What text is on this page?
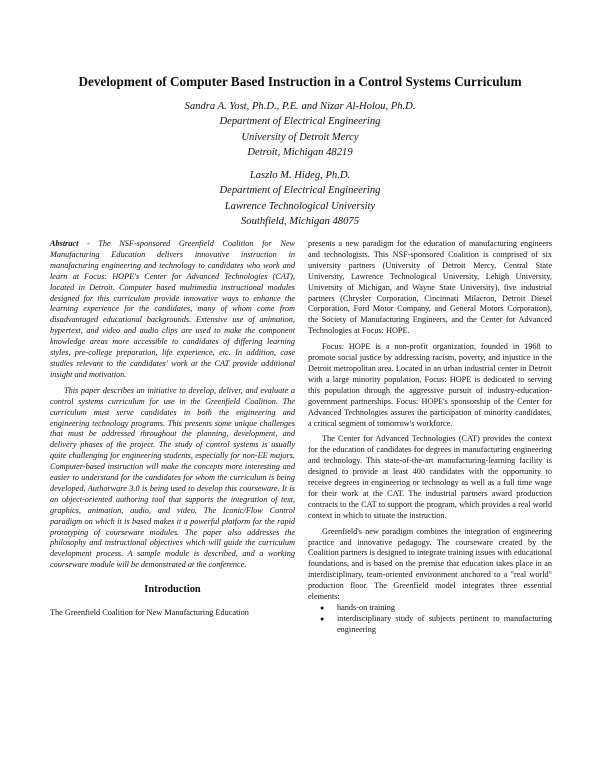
Development of Computer Based Instruction in a Control Systems Curriculum
Sandra A. Yost, Ph.D., P.E. and Nizar Al-Holou, Ph.D.
Department of Electrical Engineering
University of Detroit Mercy
Detroit, Michigan 48219
Laszlo M. Hideg, Ph.D.
Department of Electrical Engineering
Lawrence Technological University
Southfield, Michigan 48075

Abstract - The NSF-sponsored Greenfield Coalition for New Manufacturing Education delivers innovative instruction in manufacturing engineering and technology to candidates who work and learn at Focus: HOPE's Center for Advanced Technologies (CAT), located in Detroit. Computer based multimedia instructional modules designed for this curriculum provide innovative ways to enhance the learning experience for the candidates, many of whom come from disadvantaged educational backgrounds. Extensive use of animation, hypertext, and video and audio clips are used to make the component knowledge areas more accessible to candidates of differing learning styles, pre-college preparation, life experience, etc. In addition, case studies relevant to the candidates' work at the CAT provide additional insight and motivation.

This paper describes an initiative to develop, deliver, and evaluate a control systems curriculum for use in the Greenfield Coalition. The curriculum must serve candidates in both the engineering and engineering technology programs. This presents some unique challenges that must be addressed throughout the planning, development, and delivery phases of the project. The study of control systems is usually quite challenging for engineering students, especially for non-EE majors. Computer-based instruction will make the concepts more interesting and easier to understand for the candidates for whom the curriculum is being developed. Authorware 3.0 is being used to develop this courseware. It is an object-oriented authoring tool that supports the integration of text, graphics, animation, audio, and video. The Iconic/Flow Control paradigm on which it is based makes it a powerful platform for the rapid prototyping of courseware modules. The paper also addresses the philosophy and instructional objectives which will guide the curriculum development process. A sample module is described, and a working courseware module will be demonstrated at the conference.

Introduction

The Greenfield Coalition for New Manufacturing Education

presents a new paradigm for the education of manufacturing engineers and technologists. This NSF-sponsored Coalition is comprised of six university partners (University of Detroit Mercy, Central State University, Lawrence Technological University, Lehigh University, University of Michigan, and Wayne State University), five industrial partners (Chrysler Corporation, Cincinnati Milacron, Detroit Diesel Corporation, Ford Motor Company, and General Motors Corporation), the Society of Manufacturing Engineers, and the Center for Advanced Technologies at Focus: HOPE.

Focus: HOPE is a non-profit organization, founded in 1968 to promote social justice by addressing racism, poverty, and injustice in the Detroit metropolitan area. Located in an urban industrial center in Detroit with a large minority population, Focus: HOPE is dedicated to serving this population through the aggressive pursuit of industry-education-government partnerships. Focus: HOPE's sponsorship of the Center for Advanced Technologies assures the participation of minority candidates, a critical segment of tomorrow's workforce.

The Center for Advanced Technologies (CAT) provides the context for the education of candidates for degrees in manufacturing engineering and technology. This state-of-the-art manufacturing-learning facility is designed to provide at least 400 candidates with the opportunity to receive degrees in engineering or technology as well as a full time wage for their work at the CAT. The industrial partners award production contracts to the CAT to support the program, which provides a real world context in which to situate the instruction.

Greenfield's new paradigm combines the integration of engineering practice and innovative pedagogy. The courseware created by the Coalition partners is designed to integrate training issues with educational foundations, and is based on the premise that education takes place in an interdisciplinary, team-oriented environment anchored to a "real world" production floor. The Greenfield model integrates three essential elements:

● hands-on training
● interdisciplinary study of subjects pertinent to manufacturing engineering
